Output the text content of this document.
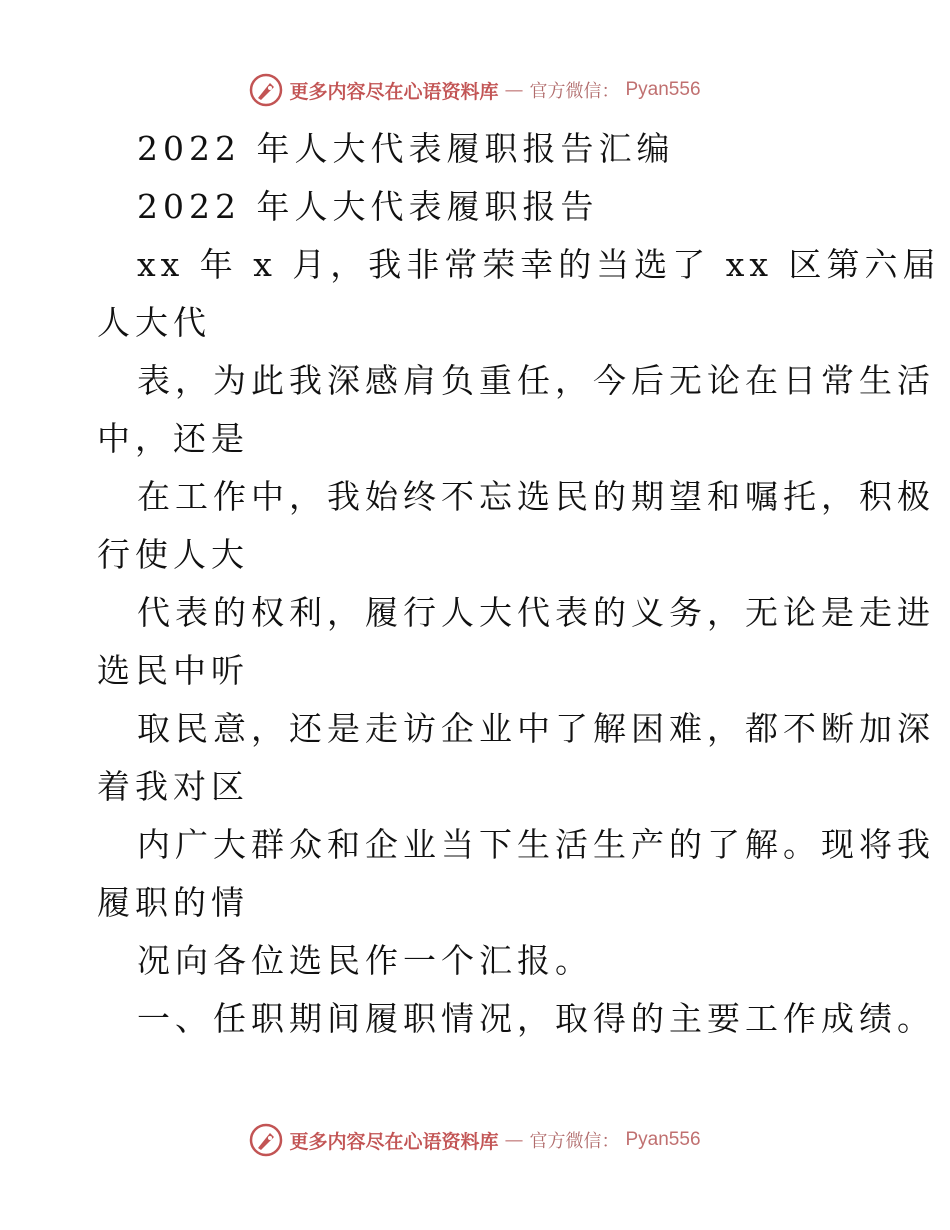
更多内容尽在心语资料库 — 官方微信： Pyan556
2022 年人大代表履职报告汇编
2022 年人大代表履职报告
xx 年 x 月，我非常荣幸的当选了 xx 区第六届
人大代
表，为此我深感肩负重任，今后无论在日常生活
中，还是
在工作中，我始终不忘选民的期望和嘱托，积极
行使人大
代表的权利，履行人大代表的义务，无论是走进
选民中听
取民意，还是走访企业中了解困难，都不断加深
着我对区
内广大群众和企业当下生活生产的了解。现将我
履职的情
况向各位选民作一个汇报。
一、任职期间履职情况，取得的主要工作成绩。
更多内容尽在心语资料库 — 官方微信： Pyan556
